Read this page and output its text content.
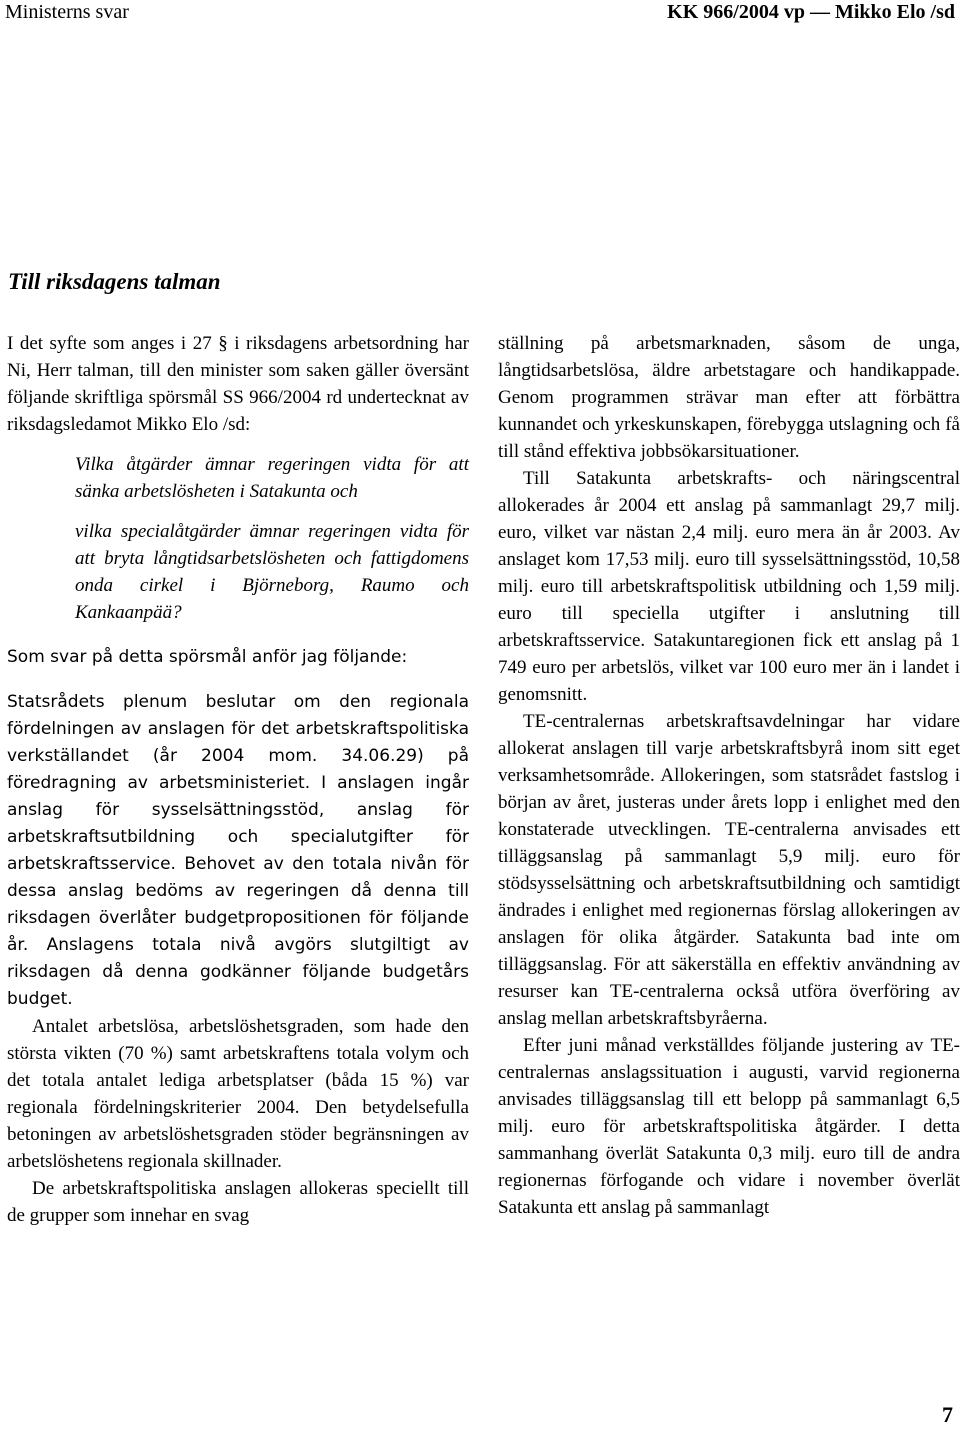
Ministerns svar	KK 966/2004 vp — Mikko Elo /sd
Till riksdagens talman

I det syfte som anges i 27 § i riksdagens arbetsordning har Ni, Herr talman, till den minister som saken gäller översänt följande skriftliga spörsmål SS 966/2004 rd undertecknat av riksdagsledamot Mikko Elo /sd:

Vilka åtgärder ämnar regeringen vidta för att sänka arbetslösheten i Satakunta och

vilka specialåtgärder ämnar regeringen vidta för att bryta långtidsarbetslösheten och fattigdomens onda cirkel i Björneborg, Raumo och Kankaanpää?

Som svar på detta spörsmål anför jag följande:

Statsrådets plenum beslutar om den regionala fördelningen av anslagen för det arbetskraftspolitiska verkställandet (år 2004 mom. 34.06.29) på föredragning av arbetsministeriet. I anslagen ingår anslag för sysselsättningsstöd, anslag för arbetskraftsutbildning och specialutgifter för arbetskraftsservice. Behovet av den totala nivån för dessa anslag bedöms av regeringen då denna till riksdagen överlåter budgetpropositionen för följande år. Anslagens totala nivå avgörs slutgiltigt av riksdagen då denna godkänner följande budgetårs budget.

Antalet arbetslösa, arbetslöshetsgraden, som hade den största vikten (70 %) samt arbetskraftens totala volym och det totala antalet lediga arbetsplatser (båda 15 %) var regionala fördelningskriterier 2004. Den betydelsefulla betoningen av arbetslöshetsgraden stöder begränsningen av arbetslöshetens regionala skillnader.

De arbetskraftspolitiska anslagen allokeras speciellt till de grupper som innehar en svag

ställning på arbetsmarknaden, såsom de unga, långtidsarbetslösa, äldre arbetstagare och handikappade. Genom programmen strävar man efter att förbättra kunnandet och yrkeskunskapen, förebygga utslagning och få till stånd effektiva jobbsökarsituationer.

Till Satakunta arbetskrafts- och näringscentral allokerades år 2004 ett anslag på sammanlagt 29,7 milj. euro, vilket var nästan 2,4 milj. euro mera än år 2003. Av anslaget kom 17,53 milj. euro till sysselsättningsstöd, 10,58 milj. euro till arbetskraftspolitisk utbildning och 1,59 milj. euro till speciella utgifter i anslutning till arbetskraftsservice. Satakuntaregionen fick ett anslag på 1 749 euro per arbetslös, vilket var 100 euro mer än i landet i genomsnitt.

TE-centralernas arbetskraftsavdelningar har vidare allokerat anslagen till varje arbetskraftsbyrå inom sitt eget verksamhetsområde. Allokeringen, som statsrådet fastslog i början av året, justeras under årets lopp i enlighet med den konstaterade utvecklingen. TE-centralerna anvisades ett tilläggsanslag på sammanlagt 5,9 milj. euro för stödsysselsättning och arbetskraftsutbildning och samtidigt ändrades i enlighet med regionernas förslag allokeringen av anslagen för olika åtgärder. Satakunta bad inte om tilläggsanslag. För att säkerställa en effektiv användning av resurser kan TE-centralerna också utföra överföring av anslag mellan arbetskraftsbyråerna.

Efter juni månad verkställdes följande justering av TE-centralernas anslagssituation i augusti, varvid regionerna anvisades tilläggsanslag till ett belopp på sammanlagt 6,5 milj. euro för arbetskraftspolitiska åtgärder. I detta sammanhang överlät Satakunta 0,3 milj. euro till de andra regionernas förfogande och vidare i november överlät Satakunta ett anslag på sammanlagt

7
